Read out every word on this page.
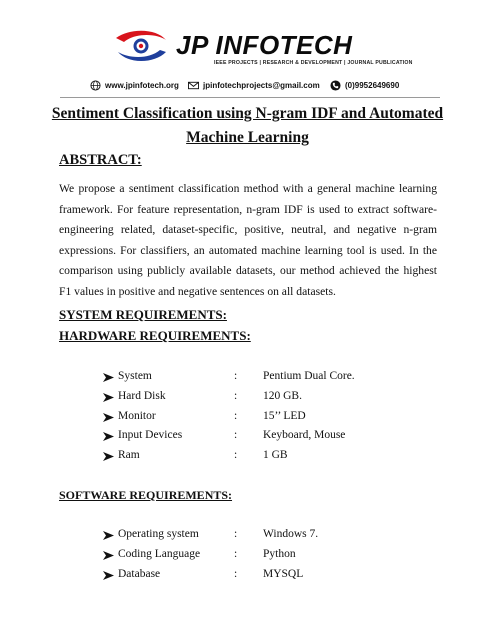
JP INFOTECH
IEEE PROJECTS | RESEARCH & DEVELOPMENT | JOURNAL PUBLICATION
www.jpinfotech.org	jpinfotechprojects@gmail.com	(0)9952649690
Sentiment Classification using N-gram IDF and Automated
Machine Learning
ABSTRACT:
We propose a sentiment classification method with a general machine learning framework. For feature representation, n-gram IDF is used to extract software-engineering related, dataset-specific, positive, neutral, and negative n-gram expressions. For classifiers, an automated machine learning tool is used. In the comparison using publicly available datasets, our method achieved the highest F1 values in positive and negative sentences on all datasets.
SYSTEM REQUIREMENTS:
HARDWARE REQUIREMENTS:
System	: Pentium Dual Core.
Hard Disk	: 120 GB.
Monitor	: 15’’ LED
Input Devices	: Keyboard, Mouse
Ram	: 1 GB
SOFTWARE REQUIREMENTS:
Operating system	: Windows 7.
Coding Language	: Python
Database	: MYSQL
